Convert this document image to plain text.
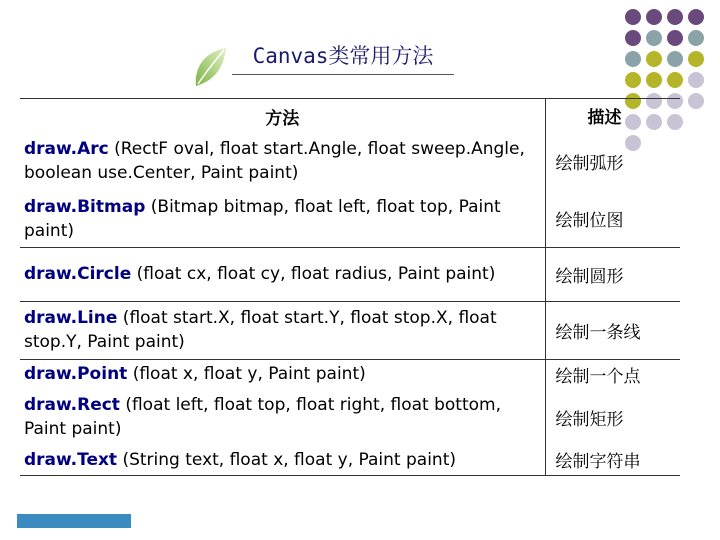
Canvas类常用方法
方法	描述
draw.Arc (RectF oval, float start.Angle, float sweep.Angle, boolean use.Center, Paint paint)	绘制弧形
draw.Bitmap (Bitmap bitmap, float left, float top, Paint paint)	绘制位图
draw.Circle (float cx, float cy, float radius, Paint paint)	绘制圆形
draw.Line (float start.X, float start.Y, float stop.X, float stop.Y, Paint paint)	绘制一条线
draw.Point (float x, float y, Paint paint)	绘制一个点
draw.Rect (float left, float top, float right, float bottom, Paint paint)	绘制矩形
draw.Text (String text, float x, float y, Paint paint)	绘制字符串
